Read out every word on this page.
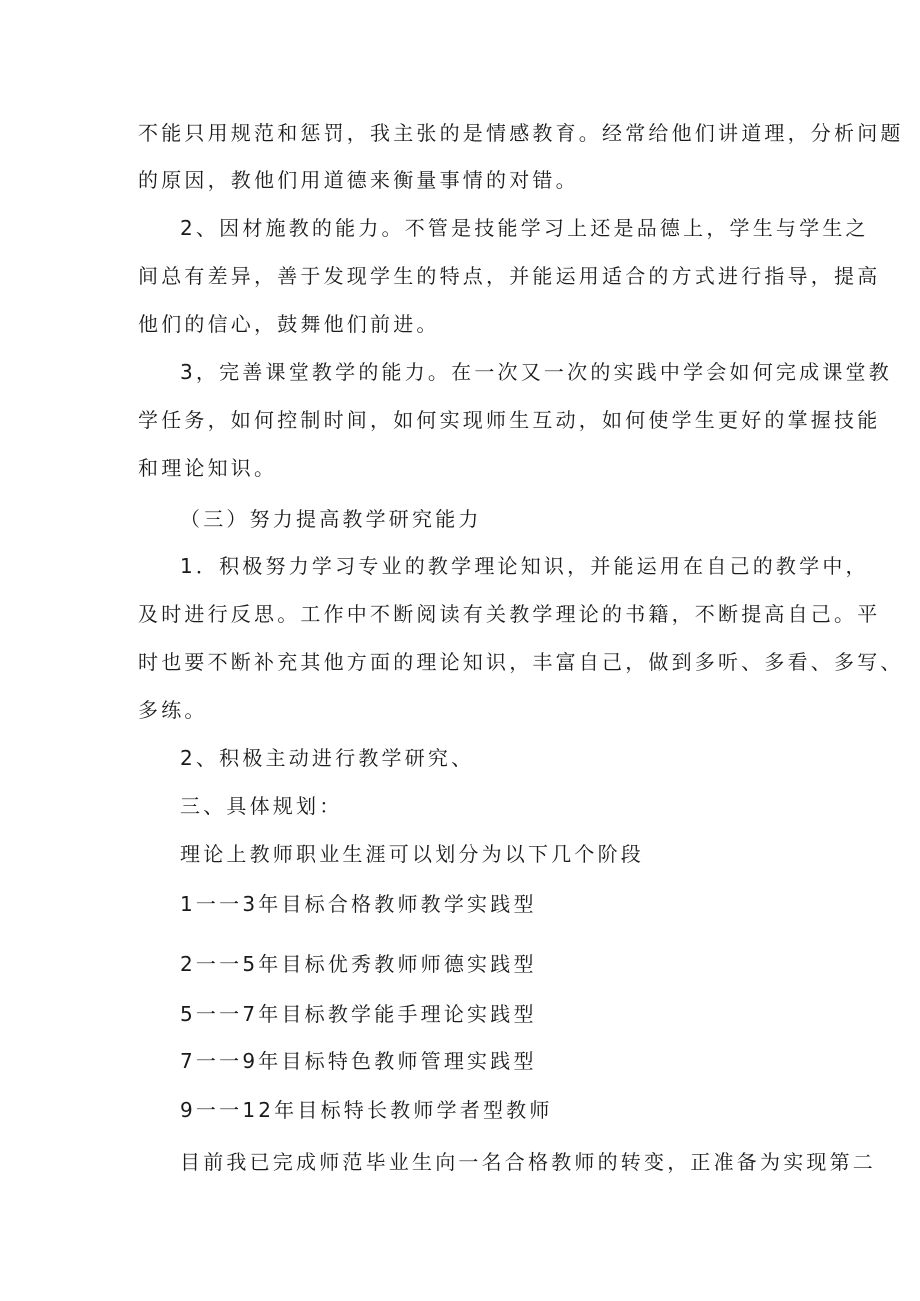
不能只用规范和惩罚，我主张的是情感教育。经常给他们讲道理，分析问题
的原因，教他们用道德来衡量事情的对错。
2、因材施教的能力。不管是技能学习上还是品德上，学生与学生之
间总有差异，善于发现学生的特点，并能运用适合的方式进行指导，提高
他们的信心，鼓舞他们前进。
3，完善课堂教学的能力。在一次又一次的实践中学会如何完成课堂教
学任务，如何控制时间，如何实现师生互动，如何使学生更好的掌握技能
和理论知识。
（三）努力提高教学研究能力
1．积极努力学习专业的教学理论知识，并能运用在自己的教学中，
及时进行反思。工作中不断阅读有关教学理论的书籍，不断提高自己。平
时也要不断补充其他方面的理论知识，丰富自己，做到多听、多看、多写、
多练。
2、积极主动进行教学研究、
三、具体规划：
理论上教师职业生涯可以划分为以下几个阶段
1一一3年目标合格教师教学实践型
2一一5年目标优秀教师师德实践型
5一一7年目标教学能手理论实践型
7一一9年目标特色教师管理实践型
9一一12年目标特长教师学者型教师
目前我已完成师范毕业生向一名合格教师的转变，正准备为实现第二
